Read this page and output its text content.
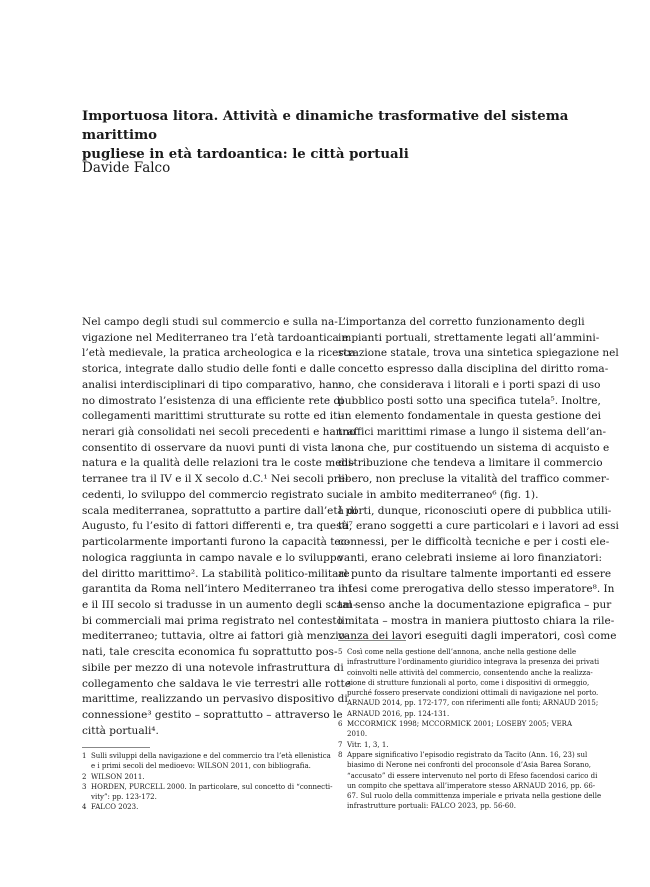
Importuosa litora. Attività e dinamiche trasformative del sistema marittimo
pugliese in età tardoantica: le città portuali

Davide Falco

Nel campo degli studi sul commercio e sulla na-
vigazione nel Mediterraneo tra l’età tardoantica e
l’età medievale, la pratica archeologica e la ricerca
storica, integrate dallo studio delle fonti e dalle
analisi interdisciplinari di tipo comparativo, han-
no dimostrato l’esistenza di una efficiente rete di
collegamenti marittimi strutturate su rotte ed iti-
nerari già consolidati nei secoli precedenti e hanno
consentito di osservare da nuovi punti di vista la
natura e la qualità delle relazioni tra le coste medi-
terranee tra il IV e il X secolo d.C.¹ Nei secoli pre-
cedenti, lo sviluppo del commercio registrato su
scala mediterranea, soprattutto a partire dall’età di
Augusto, fu l’esito di fattori differenti e, tra questi,
particolarmente importanti furono la capacità tec-
nologica raggiunta in campo navale e lo sviluppo
del diritto marittimo². La stabilità politico-militare
garantita da Roma nell’intero Mediterraneo tra il I
e il III secolo si tradusse in un aumento degli scam-
bi commerciali mai prima registrato nel contesto
mediterraneo; tuttavia, oltre ai fattori già menzio-
nati, tale crescita economica fu soprattutto pos-
sibile per mezzo di una notevole infrastruttura di
collegamento che saldava le vie terrestri alle rotte
marittime, realizzando un pervasivo dispositivo di
connessione³ gestito – soprattutto – attraverso le
città portuali⁴.
L’importanza del corretto funzionamento degli
impianti portuali, strettamente legati all’ammini-
strazione statale, trova una sintetica spiegazione nel
concetto espresso dalla disciplina del diritto roma-
no, che considerava i litorali e i porti spazi di uso
pubblico posti sotto una specifica tutela⁵. Inoltre,
un elemento fondamentale in questa gestione dei
traffici marittimi rimase a lungo il sistema dell’an-
nona che, pur costituendo un sistema di acquisto e
distribuzione che tendeva a limitare il commercio
libero, non precluse la vitalità del traffico commer-
ciale in ambito mediterraneo⁶ (fig. 1).
I porti, dunque, riconosciuti opere di pubblica utili-
tà⁷ erano soggetti a cure particolari e i lavori ad essi
connessi, per le difficoltà tecniche e per i costi ele-
vanti, erano celebrati insieme ai loro finanziatori:
al punto da risultare talmente importanti ed essere
intesi come prerogativa dello stesso imperatore⁸. In
tal senso anche la documentazione epigrafica – pur
limitata – mostra in maniera piuttosto chiara la rile-
vanza dei lavori eseguiti dagli imperatori, così come
1 Sulli sviluppi della navigazione e del commercio tra l’età ellenistica
e i primi secoli del medioevo: WILSON 2011, con bibliografia.
2 WILSON 2011.
3 HORDEN, PURCELL 2000. In particolare, sul concetto di “connecti-
vity”: pp. 123-172.
4 FALCO 2023.
5 Così come nella gestione dell’annona, anche nella gestione delle
infrastrutture l’ordinamento giuridico integrava la presenza dei privati
coinvolti nelle attività del commercio, consentendo anche la realizza-
zione di strutture funzionali al porto, come i dispositivi di ormeggio,
purché fossero preservate condizioni ottimali di navigazione nel porto.
ARNAUD 2014, pp. 172-177, con riferimenti alle fonti; ARNAUD 2015;
ARNAUD 2016, pp. 124-131.
6 MCCORMICK 1998; MCCORMICK 2001; LOSEBY 2005; VERA
2010.
7 Vitr. 1, 3, 1.
8 Appare significativo l’episodio registrato da Tacito (Ann. 16, 23) sul
biasimo di Nerone nei confronti del proconsole d’Asia Barea Sorano,
“accusato” di essere intervenuto nel porto di Efeso facendosi carico di
un compito che spettava all’imperatore stesso ARNAUD 2016, pp. 66-
67. Sul ruolo della committenza imperiale e privata nella gestione delle
infrastrutture portuali: FALCO 2023, pp. 56-60.
